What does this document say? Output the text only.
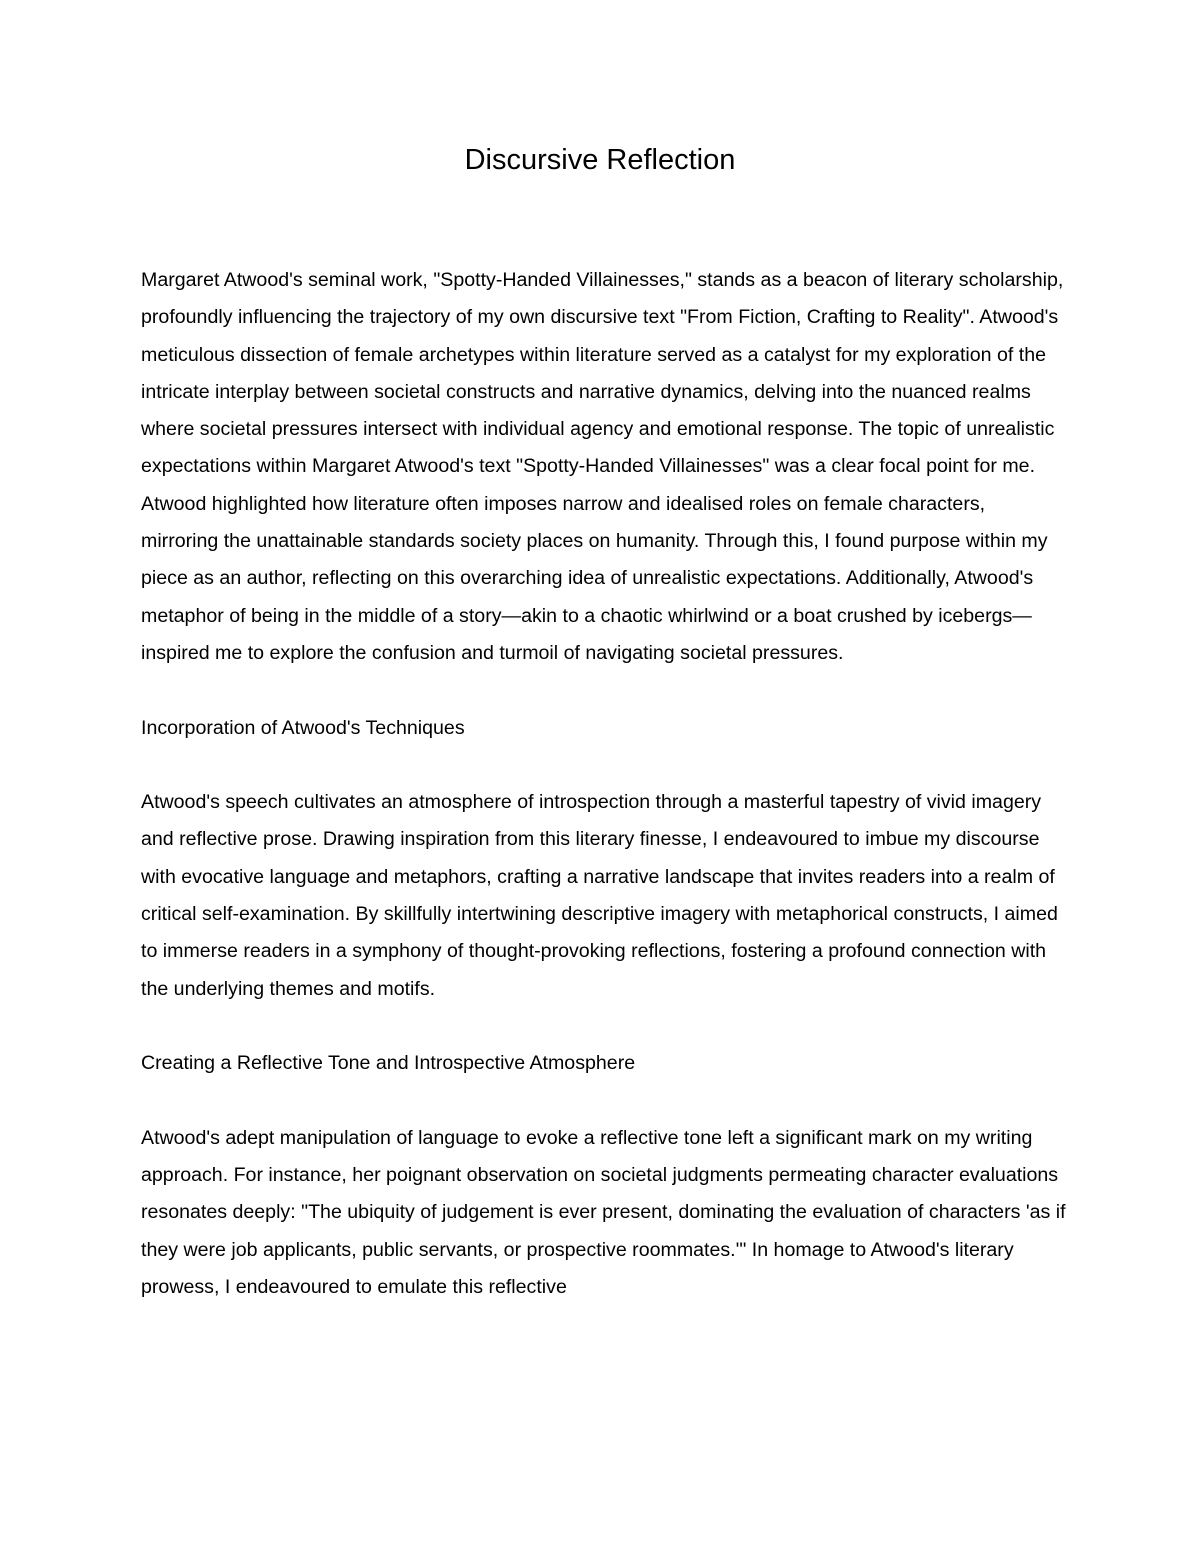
Discursive Reflection

Margaret Atwood's seminal work, "Spotty-Handed Villainesses," stands as a beacon of literary scholarship, profoundly influencing the trajectory of my own discursive text "From Fiction, Crafting to Reality". Atwood's meticulous dissection of female archetypes within literature served as a catalyst for my exploration of the intricate interplay between societal constructs and narrative dynamics, delving into the nuanced realms where societal pressures intersect with individual agency and emotional response. The topic of unrealistic expectations within Margaret Atwood's text "Spotty-Handed Villainesses" was a clear focal point for me. Atwood highlighted how literature often imposes narrow and idealised roles on female characters, mirroring the unattainable standards society places on humanity. Through this, I found purpose within my piece as an author, reflecting on this overarching idea of unrealistic expectations. Additionally, Atwood's metaphor of being in the middle of a story—akin to a chaotic whirlwind or a boat crushed by icebergs—inspired me to explore the confusion and turmoil of navigating societal pressures.

Incorporation of Atwood's Techniques

Atwood's speech cultivates an atmosphere of introspection through a masterful tapestry of vivid imagery and reflective prose. Drawing inspiration from this literary finesse, I endeavoured to imbue my discourse with evocative language and metaphors, crafting a narrative landscape that invites readers into a realm of critical self-examination. By skillfully intertwining descriptive imagery with metaphorical constructs, I aimed to immerse readers in a symphony of thought-provoking reflections, fostering a profound connection with the underlying themes and motifs.

Creating a Reflective Tone and Introspective Atmosphere

Atwood's adept manipulation of language to evoke a reflective tone left a significant mark on my writing approach. For instance, her poignant observation on societal judgments permeating character evaluations resonates deeply: "The ubiquity of judgement is ever present, dominating the evaluation of characters 'as if they were job applicants, public servants, or prospective roommates.'" In homage to Atwood's literary prowess, I endeavoured to emulate this reflective
